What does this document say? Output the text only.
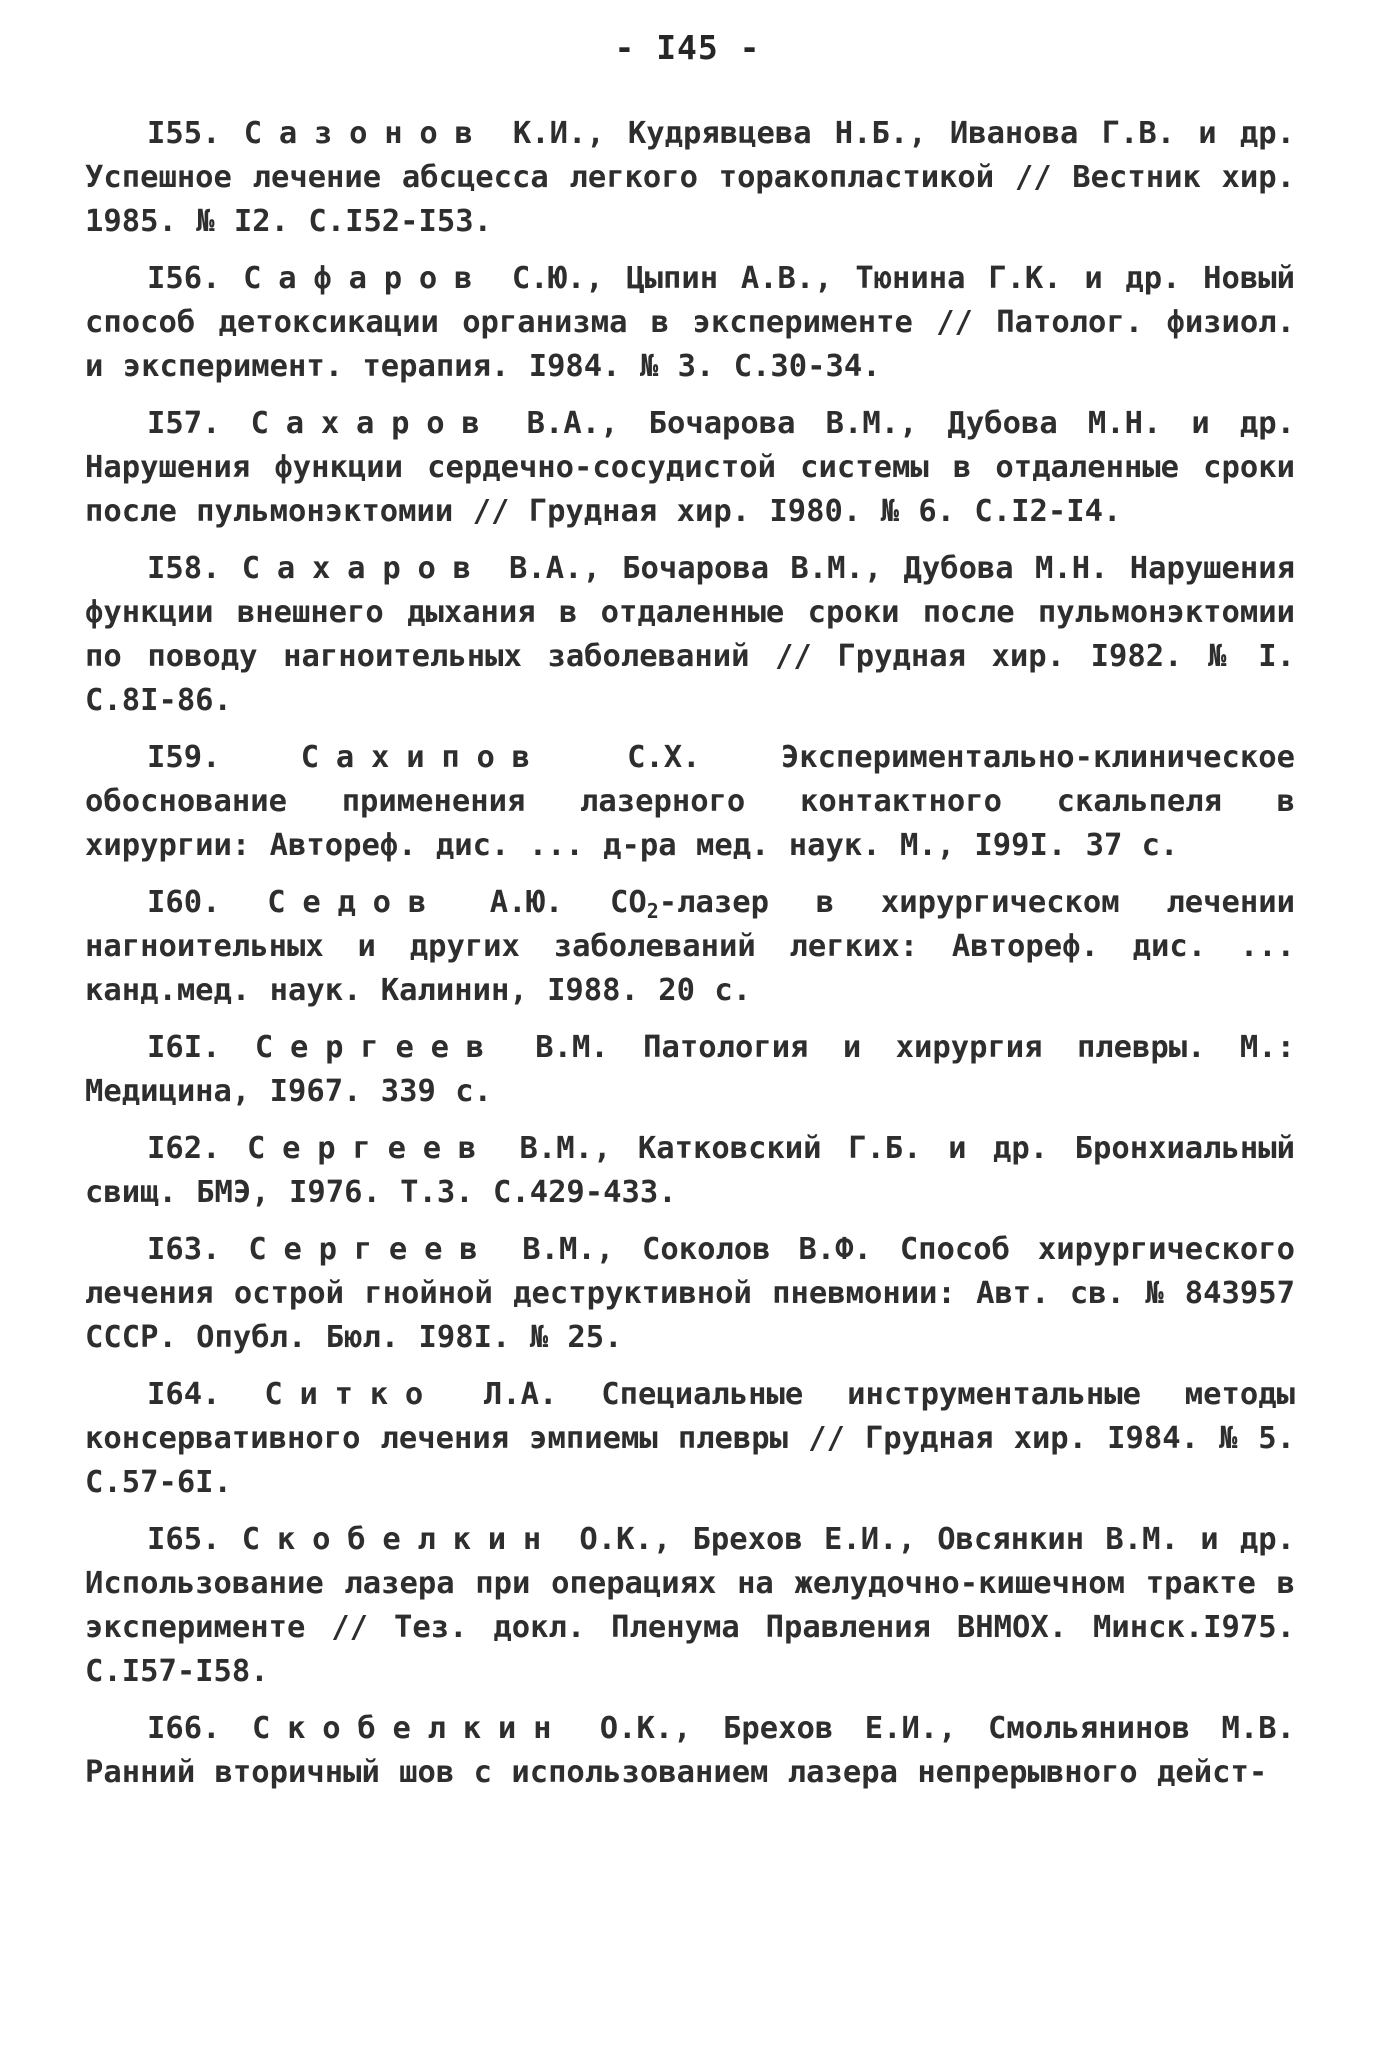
- I45 -

I55. Сазонов К.И., Кудрявцева Н.Б., Иванова Г.В. и др. Успешное лечение абсцесса легкого торакопластикой // Вестник хир. 1985. № I2. С.I52-I53.

I56. Сафаров С.Ю., Цыпин А.В., Тюнина Г.К. и др. Новый способ детоксикации организма в эксперименте // Патолог. физиол. и эксперимент. терапия. I984. № 3. С.30-34.

I57. Сахаров В.А., Бочарова В.М., Дубова М.Н. и др. Нарушения функции сердечно-сосудистой системы в отдаленные сроки после пульмонэктомии // Грудная хир. I980. № 6. С.I2-I4.

I58. Сахаров В.А., Бочарова В.М., Дубова М.Н. Нарушения функции внешнего дыхания в отдаленные сроки после пульмонэктомии по поводу нагноительных заболеваний // Грудная хир. I982. № I. С.8I-86.

I59.	Сахипов С.Х. Экспериментально-клиническое обоснование применения лазерного контактного скальпеля в хирургии: Автореф. дис. ... д-ра мед. наук. М., I99I. 37 с.

I60. Седов А.Ю. $CO_2$-лазер в хирургическом лечении нагноительных и других заболеваний легких: Автореф. дис. ... канд.мед. наук. Калинин, I988. 20 с.

I6I. Сергеев В.М. Патология и хирургия плевры. М.: Медицина, I967. 339 с.

I62. Сергеев В.М., Катковский Г.Б. и др. Бронхиальный свищ. БМЭ, I976. Т.3. С.429-433.

I63. Сергеев В.М., Соколов В.Ф. Способ хирургического лечения острой гнойной деструктивной пневмонии: Авт. св. № 843957 СССР. Опубл. Бюл. I98I. № 25.

I64. Ситко Л.А. Специальные инструментальные методы консервативного лечения эмпиемы плевры // Грудная хир. I984. № 5. С.57-6I.

I65. Скобелкин О.К., Брехов Е.И., Овсянкин В.М. и др. Использование лазера при операциях на желудочно-кишечном тракте в эксперименте // Тез. докл. Пленума Правления ВНМОХ. Минск.I975. С.I57-I58.

I66. Скобелкин О.К., Брехов Е.И., Смольянинов М.В. Ранний вторичный шов с использованием лазера непрерывного дейст-
